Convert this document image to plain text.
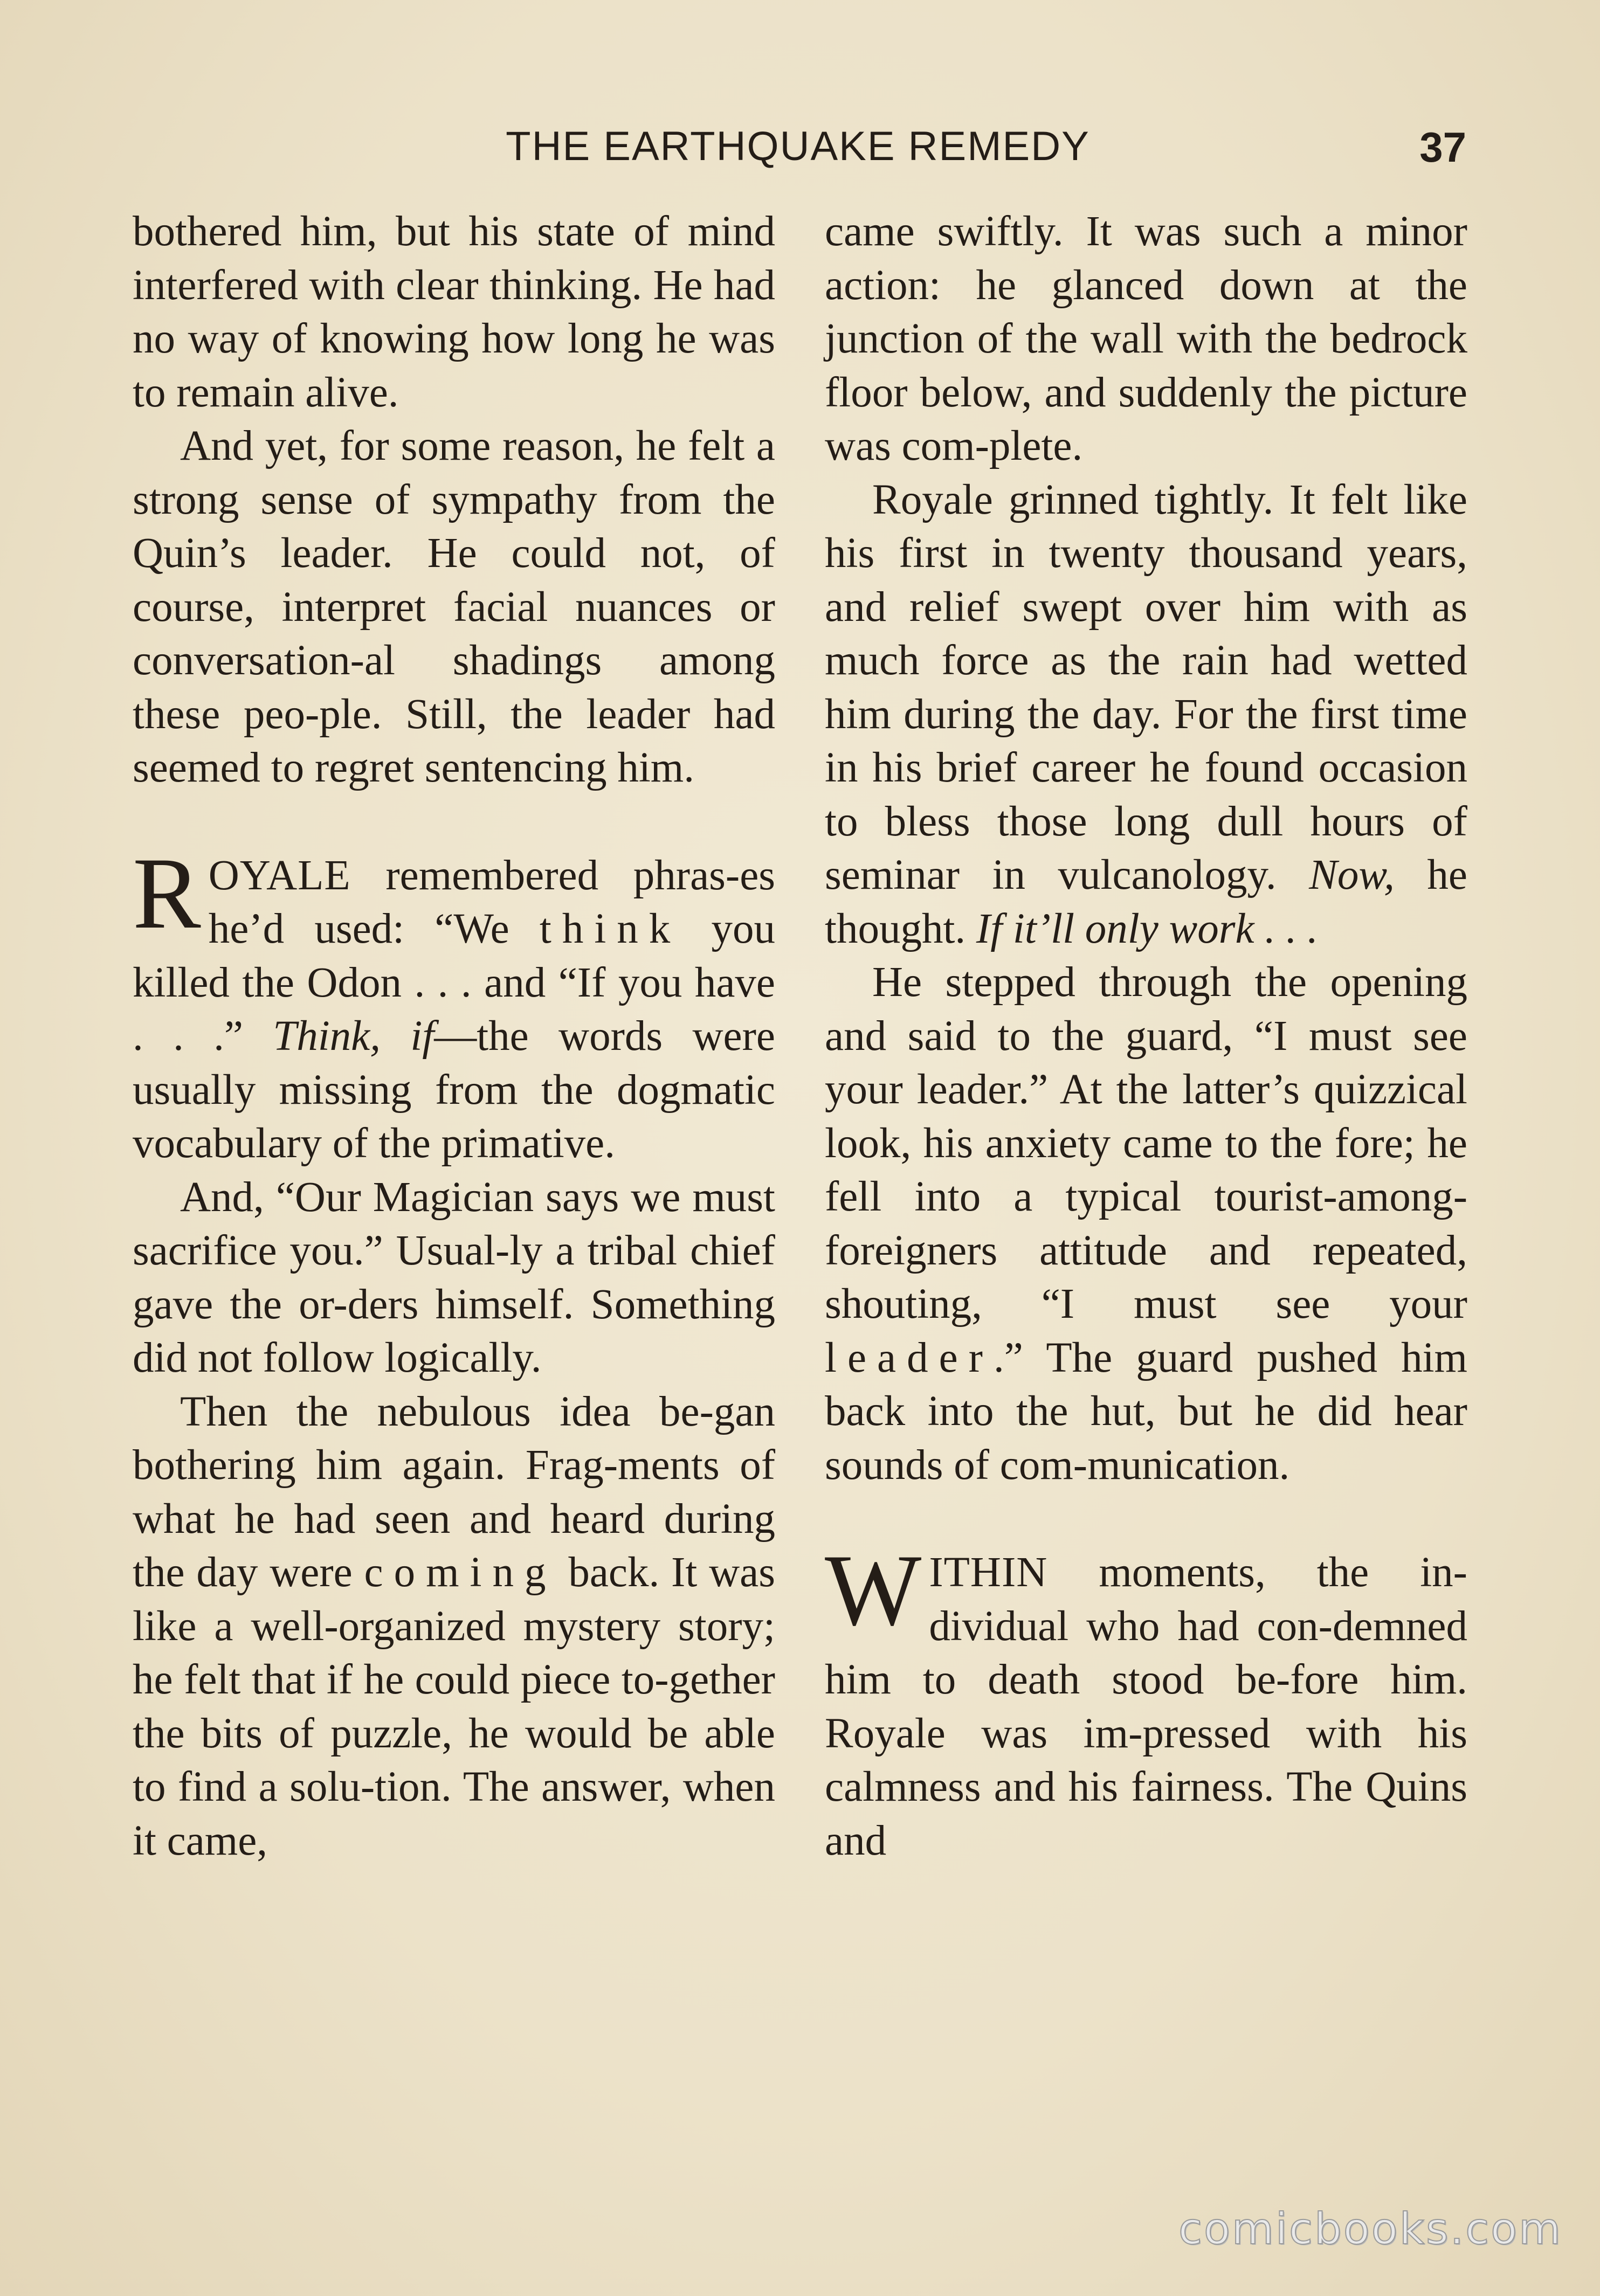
THE EARTHQUAKE REMEDY	37

bothered him, but his state of mind interfered with clear thinking. He had no way of knowing how long he was to remain alive.

And yet, for some reason, he felt a strong sense of sympathy from the Quin’s leader. He could not, of course, interpret facial nuances or conversation-al shadings among these peo-ple. Still, the leader had seemed to regret sentencing him.

ROYALE remembered phras-es he’d used: “We think you killed the Odon . . . and “If you have . . .” Think, if—the words were usually missing from the dogmatic vocabulary of the primative.

And, “Our Magician says we must sacrifice you.” Usual-ly a tribal chief gave the or-ders himself. Something did not follow logically.

Then the nebulous idea be-gan bothering him again. Frag-ments of what he had seen and heard during the day were coming back. It was like a well-organized mystery story; he felt that if he could piece to-gether the bits of puzzle, he would be able to find a solu-tion. The answer, when it came,

came swiftly. It was such a minor action: he glanced down at the junction of the wall with the bedrock floor below, and suddenly the picture was com-plete.

Royale grinned tightly. It felt like his first in twenty thousand years, and relief swept over him with as much force as the rain had wetted him during the day. For the first time in his brief career he found occasion to bless those long dull hours of seminar in vulcanology. Now, he thought. If it’ll only work . . .

He stepped through the opening and said to the guard, “I must see your leader.” At the latter’s quizzical look, his anxiety came to the fore; he fell into a typical tourist-among-foreigners attitude and repeated, shouting, “I must see your leader.” The guard pushed him back into the hut, but he did hear sounds of com-munication.

WITHIN moments, the in-dividual who had con-demned him to death stood be-fore him. Royale was im-pressed with his calmness and his fairness. The Quins and

comicbooks.com
